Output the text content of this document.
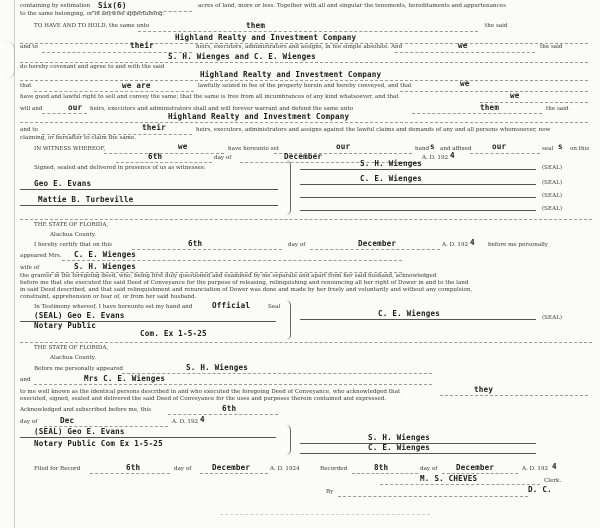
containing by estimation Six(6)	acres of land, more or less. Together with all and singular the tenements, hereditaments and appurtenances
to the same belonging, or in anywise appertaining.
TO HAVE AND TO HOLD, the same unto	them	the said
Highland Realty and Investment Company
and to	their	heirs, executors, administrators and assigns, in fee simple absolute. And	we	the said
S. H. Wienges and C. E. Wienges
do hereby covenant and agree to and with the said
Highland Realty and Investment Company
that	we are	lawfully seized in fee of the property herein and hereby conveyed, and that	we
have good and lawful right to sell and convey the same; that the same is free from all incumbrances of any kind whatsoever, and that	we
will and	our heirs, executors and administrators shall and will forever warrant and defend the same unto	them	the said
Highland Realty and Investment Company
and to	their	heirs, executors, administrators and assigns against the lawful claims and demands of any and all persons whomsoever, now
claiming, or hereafter to claim the same.
IN WITNESS WHEREOF,	we	have hereunto set	our	hand s and affixed	our	seal s on this
6th	day of	December	A. D. 192 4
Signed, sealed and delivered in presence of us as witnesses:
Geo E. Evans
Mattie B. Turbeville
S. H. Wienges	(SEAL)
C. E. Wienges	(SEAL)
(SEAL)
(SEAL)
THE STATE OF FLORIDA,
Alachua County.
I hereby certify that on this	6th	day of	December	A. D. 192 4 before me personally
appeared Mrs. C. E. Wienges
wife of	S. H. Wienges
the grantor in the foregoing deed, who, being first duly questioned and examined by me separate and apart from her said husband, acknowledged
before me that she executed the said Deed of Conveyance for the purpose of releasing, relinquishing and renouncing all her right of Dower in and to the land
in said Deed described, and that said relinquishment and renunciation of Dower was done and made by her freely and voluntarily and without any compulsion,
constraint, apprehension or fear of, or from her said husband.
In Testimony whereof, I have hereunto set my hand and	Official	Seal
(SEAL) Geo E. Evans
Notary Public
Com. Ex 1-5-25
C. E. Wienges	(SEAL)
THE STATE OF FLORIDA,
Alachua County.
Before me personally appeared	S. H. Wienges
and	Mrs C. E. Wienges
to me well known as the identical persons described in and who executed the foregoing Deed of Conveyance, who acknowledged that	they
executed, signed, sealed and delivered the said Deed of Conveyance for the uses and purposes therein contained and expressed.
Acknowledged and subscribed before me, this	6th
day of	Dec	A. D. 192 4
(SEAL) Geo E. Evans
Notary Public Com Ex 1-5-25
S. H. Wienges
C. E. Wienges
Filed for Record	6th	day of	December	A. D. 1924	Recorded	8th	day of December	A. D. 192 4
M. S. CHEVES	Clerk.
By	D. C.
